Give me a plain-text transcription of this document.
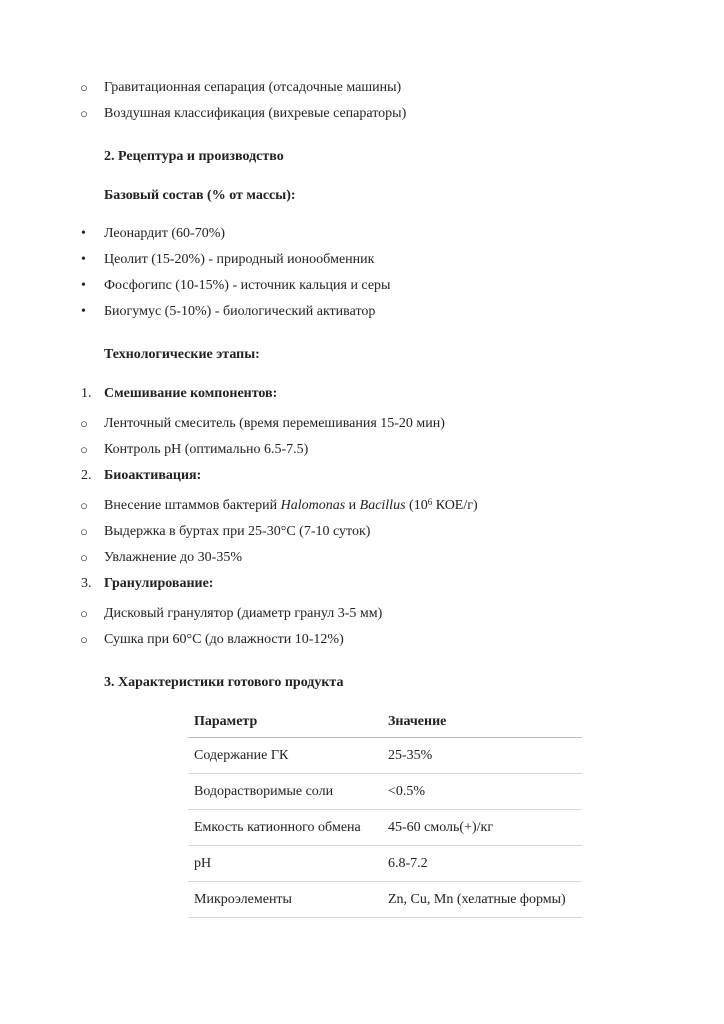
○ Гравитационная сепарация (отсадочные машины)
○ Воздушная классификация (вихревые сепараторы)
2. Рецептура и производство
Базовый состав (% от массы):
• Леонардит (60-70%)
• Цеолит (15-20%) - природный ионообменник
• Фосфогипс (10-15%) - источник кальция и серы
• Биогумус (5-10%) - биологический активатор
Технологические этапы:
1. Смешивание компонентов:
○ Ленточный смеситель (время перемешивания 15-20 мин)
○ Контроль pH (оптимально 6.5-7.5)
2. Биоактивация:
○ Внесение штаммов бактерий Halomonas и Bacillus ($10^6$ КОЕ/г)
○ Выдержка в буртах при 25-30°C (7-10 суток)
○ Увлажнение до 30-35%
3. Гранулирование:
○ Дисковый гранулятор (диаметр гранул 3-5 мм)
○ Сушка при 60°C (до влажности 10-12%)
3. Характеристики готового продукта
Параметр	Значение
Содержание ГК	25-35%
Водорастворимые соли	<0.5%
Емкость катионного обмена	45-60 смоль(+)/кг
pH	6.8-7.2
Микроэлементы	Zn, Cu, Mn (хелатные формы)
